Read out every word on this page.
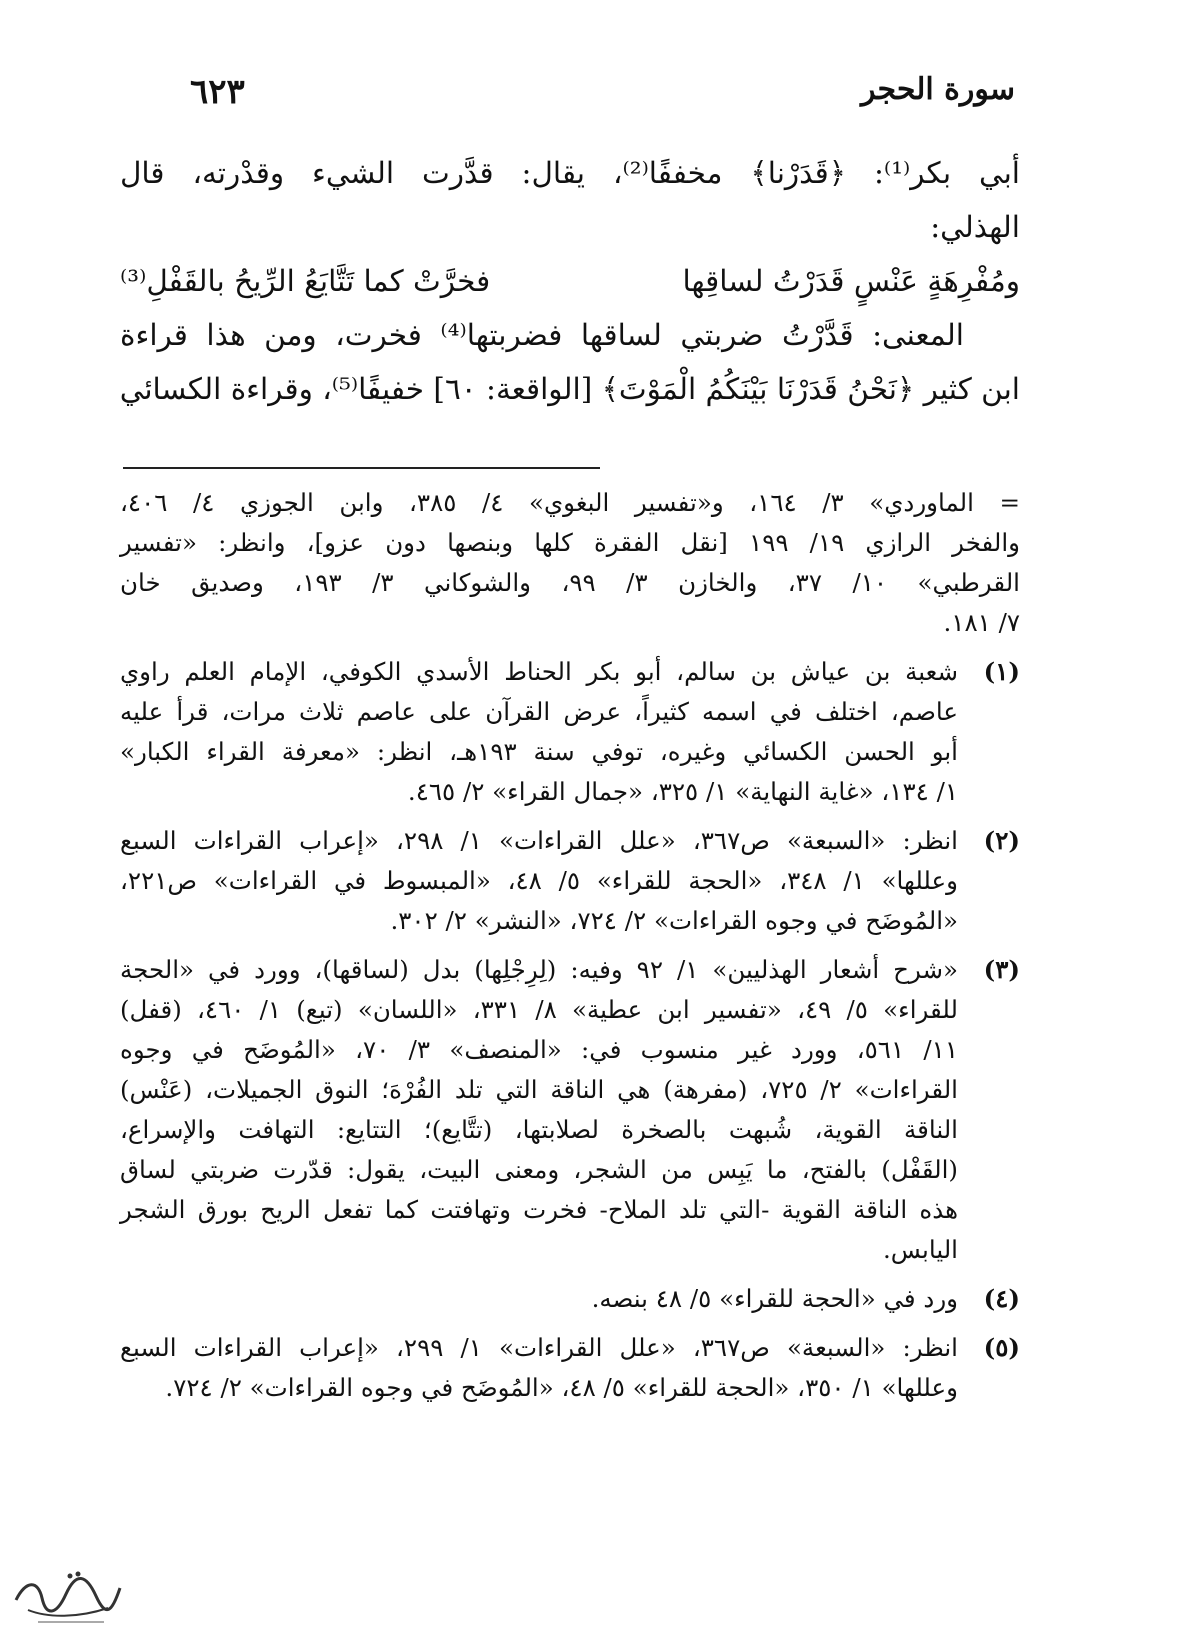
سورة الحجر
٦٢٣
أبي بكر⁽¹⁾: ﴿قَدَرْنا﴾ مخففًا⁽²⁾، يقال: قدَّرت الشيء وقدْرته، قال
الهذلي:
ومُفْرِهَةٍ عَنْسٍ قَدَرْتُ لساقِها
فخرَّتْ كما تَتَّايَعُ الرِّيحُ بالقَفْلِ⁽³⁾
المعنى: قَدَّرْتُ ضربتي لساقها فضربتها⁽⁴⁾ فخرت، ومن هذا قراءة
ابن كثير ﴿نَحْنُ قَدَرْنَا بَيْنَكُمُ الْمَوْتَ﴾ [الواقعة: ٦٠] خفيفًا⁽⁵⁾، وقراءة الكسائي
= الماوردي» ٣/ ١٦٤، و«تفسير البغوي» ٤/ ٣٨٥، وابن الجوزي ٤/ ٤٠٦،
والفخر الرازي ١٩/ ١٩٩ [نقل الفقرة كلها وبنصها دون عزو]، وانظر: «تفسير
القرطبي» ١٠/ ٣٧، والخازن ٣/ ٩٩، والشوكاني ٣/ ١٩٣، وصديق خان
٧/ ١٨١.
(١)
شعبة بن عياش بن سالم، أبو بكر الحناط الأسدي الكوفي، الإمام العلم راوي
عاصم، اختلف في اسمه كثيراً، عرض القرآن على عاصم ثلاث مرات، قرأ عليه
أبو الحسن الكسائي وغيره، توفي سنة ١٩٣هـ، انظر: «معرفة القراء الكبار»
١/ ١٣٤، «غاية النهاية» ١/ ٣٢٥، «جمال القراء» ٢/ ٤٦٥.
(٢)
انظر: «السبعة» ص٣٦٧، «علل القراءات» ١/ ٢٩٨، «إعراب القراءات السبع
وعللها» ١/ ٣٤٨، «الحجة للقراء» ٥/ ٤٨، «المبسوط في القراءات» ص٢٢١،
«المُوضَح في وجوه القراءات» ٢/ ٧٢٤، «النشر» ٢/ ٣٠٢.
(٣)
«شرح أشعار الهذليين» ١/ ٩٢ وفيه: (لِرِجْلِها) بدل (لساقها)، وورد في «الحجة
للقراء» ٥/ ٤٩، «تفسير ابن عطية» ٨/ ٣٣١، «اللسان» (تيع) ١/ ٤٦٠، (قفل)
١١/ ٥٦١، وورد غير منسوب في: «المنصف» ٣/ ٧٠، «المُوضَح في وجوه
القراءات» ٢/ ٧٢٥، (مفرهة) هي الناقة التي تلد الفُرْهَ؛ النوق الجميلات، (عَنْس)
الناقة القوية، شُبهت بالصخرة لصلابتها، (تتَّايع)؛ التتايع: التهافت والإسراع،
(القَفْل) بالفتح، ما يَبِس من الشجر، ومعنى البيت، يقول: قدّرت ضربتي لساق
هذه الناقة القوية -التي تلد الملاح- فخرت وتهافتت كما تفعل الريح بورق الشجر
اليابس.
(٤)
ورد في «الحجة للقراء» ٥/ ٤٨ بنصه.
(٥)
انظر: «السبعة» ص٣٦٧، «علل القراءات» ١/ ٢٩٩، «إعراب القراءات السبع
وعللها» ١/ ٣٥٠، «الحجة للقراء» ٥/ ٤٨، «المُوضَح في وجوه القراءات» ٢/ ٧٢٤.
